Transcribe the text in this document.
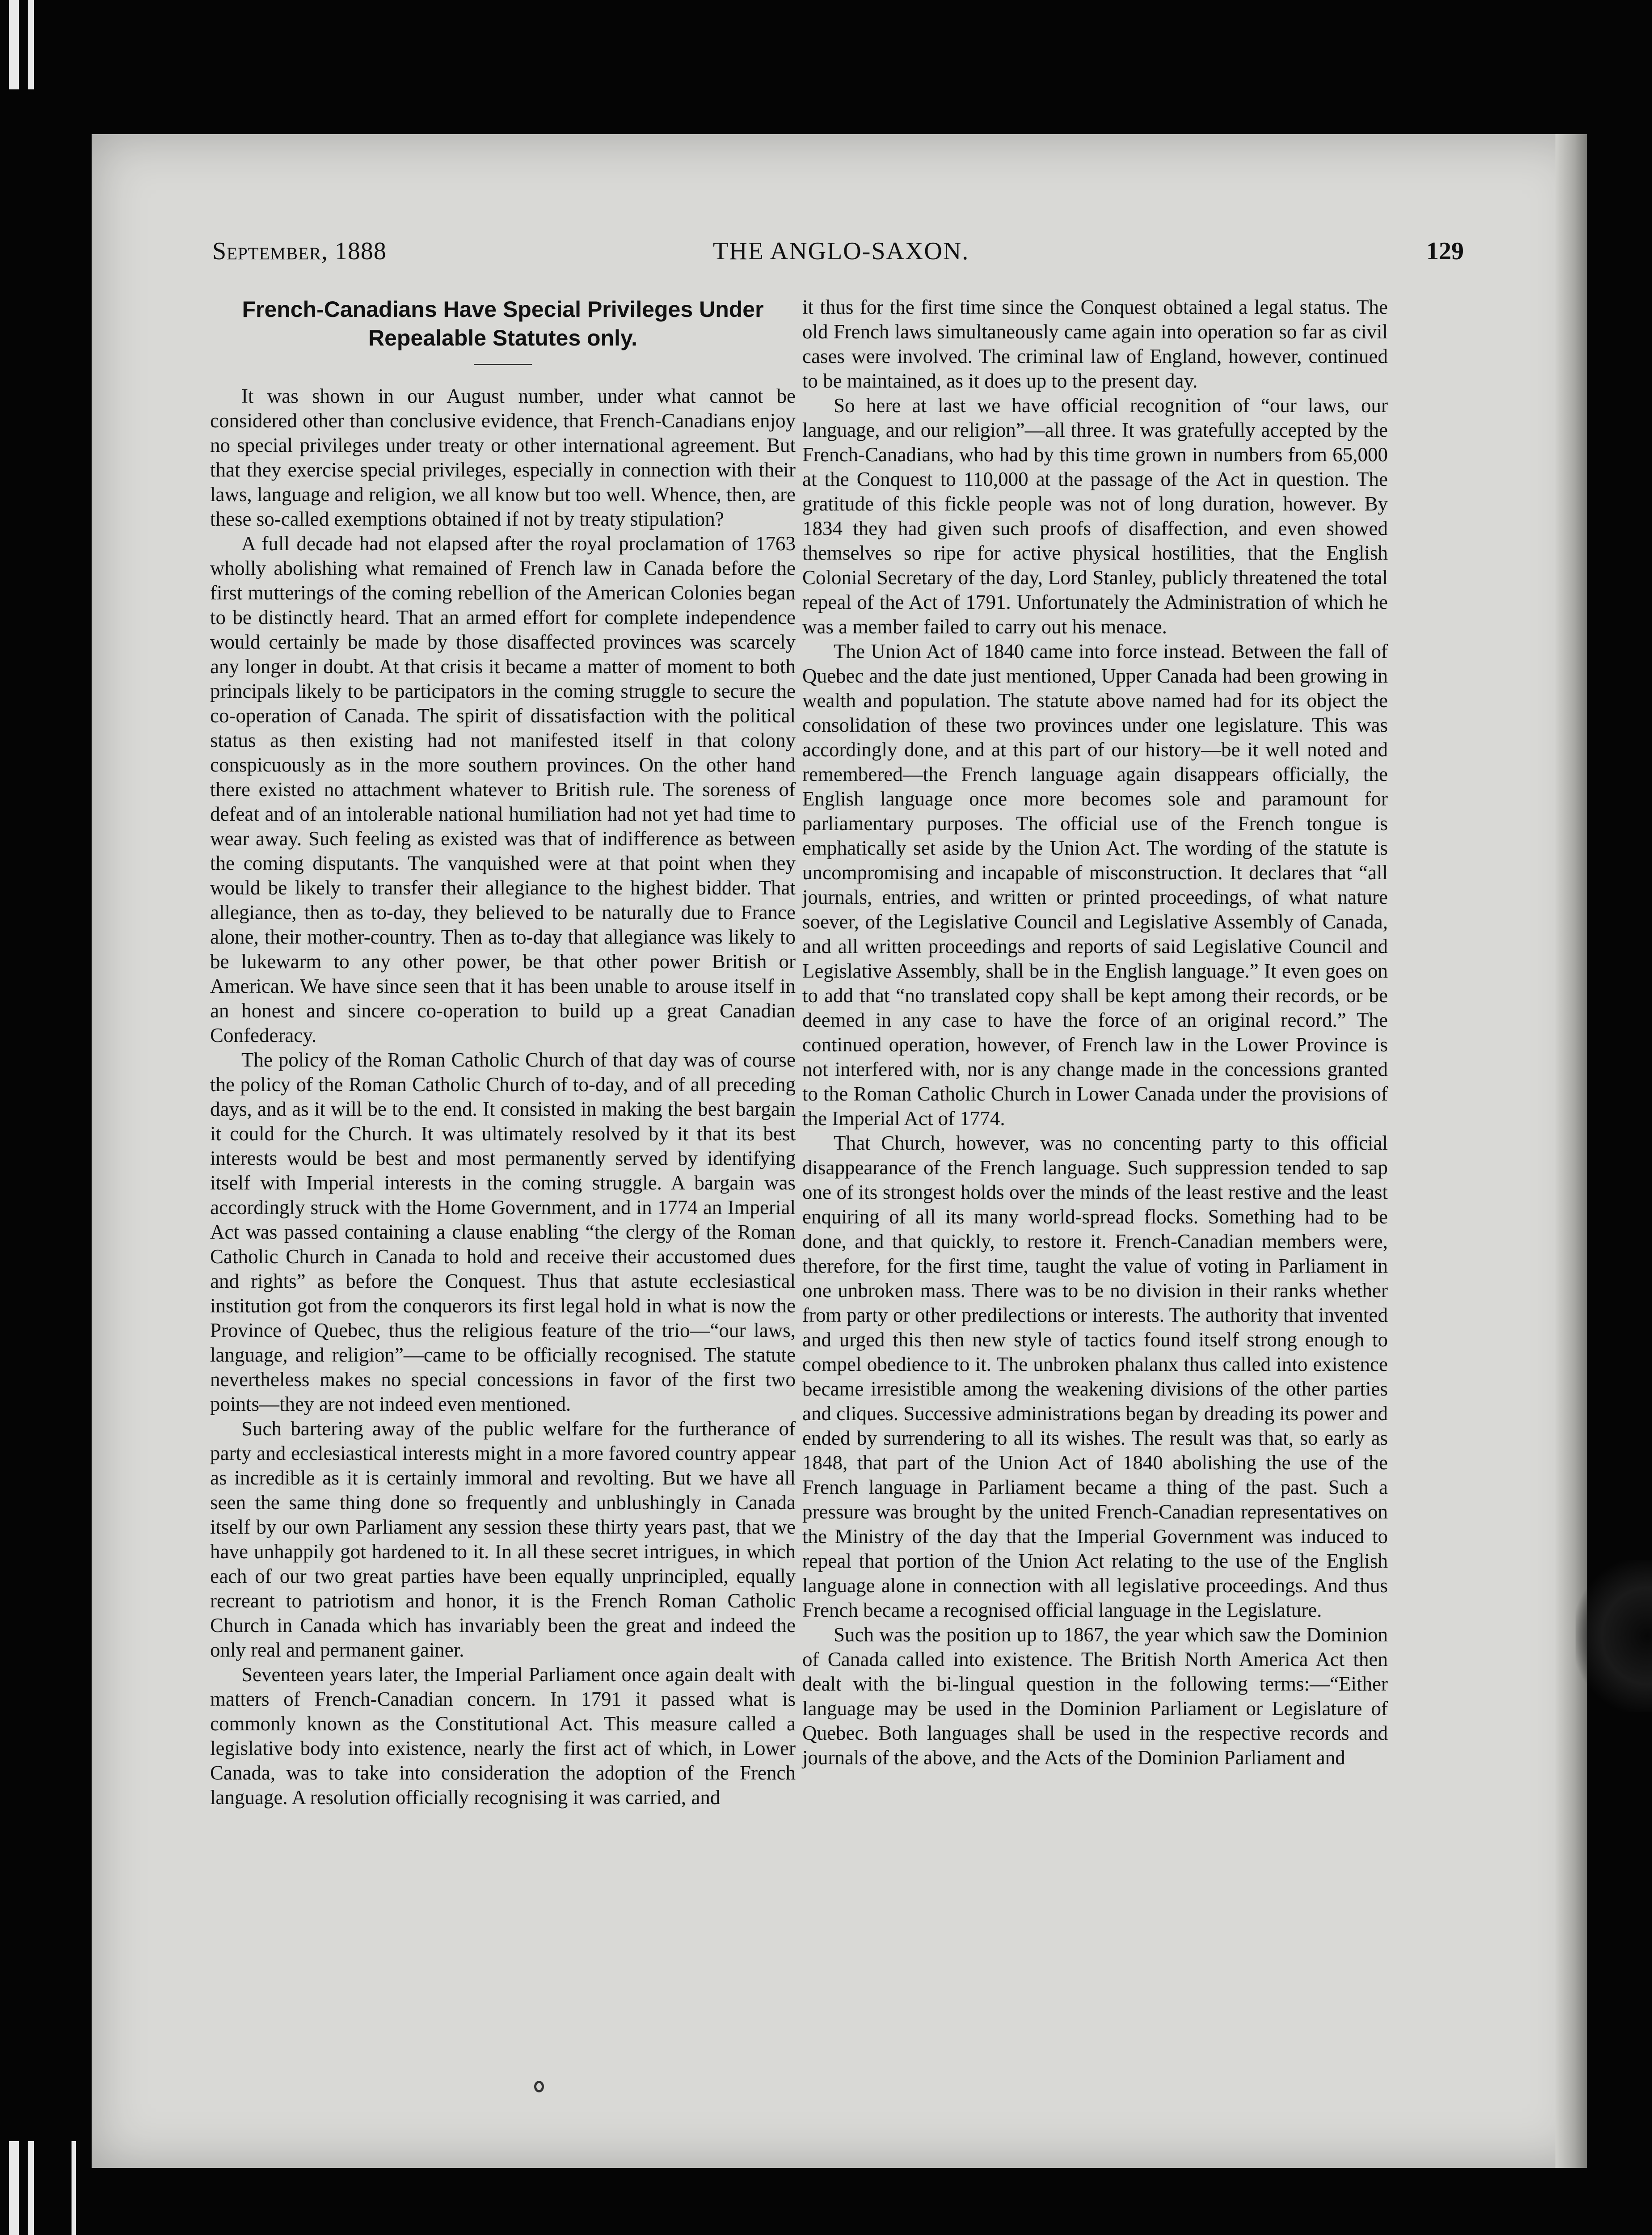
September, 1888	THE ANGLO-SAXON.	129
French-Canadians Have Special Privileges Under Repealable Statutes only.

It was shown in our August number, under what cannot be considered other than conclusive evidence, that French-Canadians enjoy no special privileges under treaty or other international agreement. But that they exercise special privileges, especially in connection with their laws, language and religion, we all know but too well. Whence, then, are these so-called exemptions obtained if not by treaty stipulation?

A full decade had not elapsed after the royal proclamation of 1763 wholly abolishing what remained of French law in Canada before the first mutterings of the coming rebellion of the American Colonies began to be distinctly heard. That an armed effort for complete independence would certainly be made by those disaffected provinces was scarcely any longer in doubt. At that crisis it became a matter of moment to both principals likely to be participators in the coming struggle to secure the co-operation of Canada. The spirit of dissatisfaction with the political status as then existing had not manifested itself in that colony conspicuously as in the more southern provinces. On the other hand there existed no attachment whatever to British rule. The soreness of defeat and of an intolerable national humiliation had not yet had time to wear away. Such feeling as existed was that of indifference as between the coming disputants. The vanquished were at that point when they would be likely to transfer their allegiance to the highest bidder. That allegiance, then as to-day, they believed to be naturally due to France alone, their mother-country. Then as to-day that allegiance was likely to be lukewarm to any other power, be that other power British or American. We have since seen that it has been unable to arouse itself in an honest and sincere co-operation to build up a great Canadian Confederacy.

The policy of the Roman Catholic Church of that day was of course the policy of the Roman Catholic Church of to-day, and of all preceding days, and as it will be to the end. It consisted in making the best bargain it could for the Church. It was ultimately resolved by it that its best interests would be best and most permanently served by identifying itself with Imperial interests in the coming struggle. A bargain was accordingly struck with the Home Government, and in 1774 an Imperial Act was passed containing a clause enabling “the clergy of the Roman Catholic Church in Canada to hold and receive their accustomed dues and rights” as before the Conquest. Thus that astute ecclesiastical institution got from the conquerors its first legal hold in what is now the Province of Quebec, thus the religious feature of the trio—“our laws, language, and religion”—came to be officially recognised. The statute nevertheless makes no special concessions in favor of the first two points—they are not indeed even mentioned.

Such bartering away of the public welfare for the furtherance of party and ecclesiastical interests might in a more favored country appear as incredible as it is certainly immoral and revolting. But we have all seen the same thing done so frequently and unblushingly in Canada itself by our own Parliament any session these thirty years past, that we have unhappily got hardened to it. In all these secret intrigues, in which each of our two great parties have been equally unprincipled, equally recreant to patriotism and honor, it is the French Roman Catholic Church in Canada which has invariably been the great and indeed the only real and permanent gainer.

Seventeen years later, the Imperial Parliament once again dealt with matters of French-Canadian concern. In 1791 it passed what is commonly known as the Constitutional Act. This measure called a legislative body into existence, nearly the first act of which, in Lower Canada, was to take into consideration the adoption of the French language. A resolution officially recognising it was carried, and

it thus for the first time since the Conquest obtained a legal status. The old French laws simultaneously came again into operation so far as civil cases were involved. The criminal law of England, however, continued to be maintained, as it does up to the present day.

So here at last we have official recognition of “our laws, our language, and our religion”—all three. It was gratefully accepted by the French-Canadians, who had by this time grown in numbers from 65,000 at the Conquest to 110,000 at the passage of the Act in question. The gratitude of this fickle people was not of long duration, however. By 1834 they had given such proofs of disaffection, and even showed themselves so ripe for active physical hostilities, that the English Colonial Secretary of the day, Lord Stanley, publicly threatened the total repeal of the Act of 1791. Unfortunately the Administration of which he was a member failed to carry out his menace.

The Union Act of 1840 came into force instead. Between the fall of Quebec and the date just mentioned, Upper Canada had been growing in wealth and population. The statute above named had for its object the consolidation of these two provinces under one legislature. This was accordingly done, and at this part of our history—be it well noted and remembered—the French language again disappears officially, the English language once more becomes sole and paramount for parliamentary purposes. The official use of the French tongue is emphatically set aside by the Union Act. The wording of the statute is uncompromising and incapable of misconstruction. It declares that “all journals, entries, and written or printed proceedings, of what nature soever, of the Legislative Council and Legislative Assembly of Canada, and all written proceedings and reports of said Legislative Council and Legislative Assembly, shall be in the English language.” It even goes on to add that “no translated copy shall be kept among their records, or be deemed in any case to have the force of an original record.” The continued operation, however, of French law in the Lower Province is not interfered with, nor is any change made in the concessions granted to the Roman Catholic Church in Lower Canada under the provisions of the Imperial Act of 1774.

That Church, however, was no concenting party to this official disappearance of the French language. Such suppression tended to sap one of its strongest holds over the minds of the least restive and the least enquiring of all its many world-spread flocks. Something had to be done, and that quickly, to restore it. French-Canadian members were, therefore, for the first time, taught the value of voting in Parliament in one unbroken mass. There was to be no division in their ranks whether from party or other predilections or interests. The authority that invented and urged this then new style of tactics found itself strong enough to compel obedience to it. The unbroken phalanx thus called into existence became irresistible among the weakening divisions of the other parties and cliques. Successive administrations began by dreading its power and ended by surrendering to all its wishes. The result was that, so early as 1848, that part of the Union Act of 1840 abolishing the use of the French language in Parliament became a thing of the past. Such a pressure was brought by the united French-Canadian representatives on the Ministry of the day that the Imperial Government was induced to repeal that portion of the Union Act relating to the use of the English language alone in connection with all legislative proceedings. And thus French became a recognised official language in the Legislature.

Such was the position up to 1867, the year which saw the Dominion of Canada called into existence. The British North America Act then dealt with the bi-lingual question in the following terms:—“Either language may be used in the Dominion Parliament or Legislature of Quebec. Both languages shall be used in the respective records and journals of the above, and the Acts of the Dominion Parliament and
